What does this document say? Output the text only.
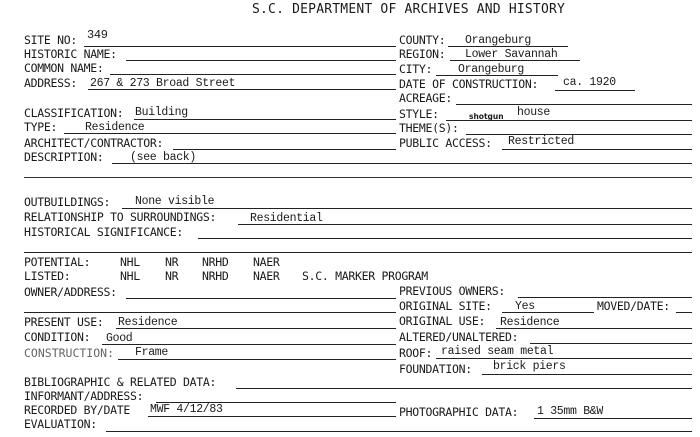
S.C. DEPARTMENT OF ARCHIVES AND HISTORY
SITE NO: 349
HISTORIC NAME:
COMMON NAME:
ADDRESS: 267 & 273 Broad Street
COUNTY: Orangeburg
REGION: Lower Savannah
CITY: Orangeburg
DATE OF CONSTRUCTION: ca. 1920
ACREAGE:
CLASSIFICATION: Building
TYPE: Residence
ARCHITECT/CONTRACTOR:
DESCRIPTION: (see back)
STYLE:	shotgun house
THEME(S):
PUBLIC ACCESS: Restricted
OUTBUILDINGS: None visible
RELATIONSHIP TO SURROUNDINGS:	Residential
HISTORICAL SIGNIFICANCE:
POTENTIAL:	NHL NR NRHD NAER
LISTED:	NHL NR NRHD NAER S.C. MARKER PROGRAM
OWNER/ADDRESS:	PREVIOUS OWNERS:
ORIGINAL SITE: Yes	MOVED/DATE:
PRESENT USE: Residence	ORIGINAL USE: Residence
CONDITION: Good	ALTERED/UNALTERED:
CONSTRUCTION: Frame	ROOF: raised seam metal
FOUNDATION: brick piers
BIBLIOGRAPHIC & RELATED DATA:
INFORMANT/ADDRESS:
RECORDED BY/DATE MWF 4/12/83	PHOTOGRAPHIC DATA: 1 35mm B&W
EVALUATION:
